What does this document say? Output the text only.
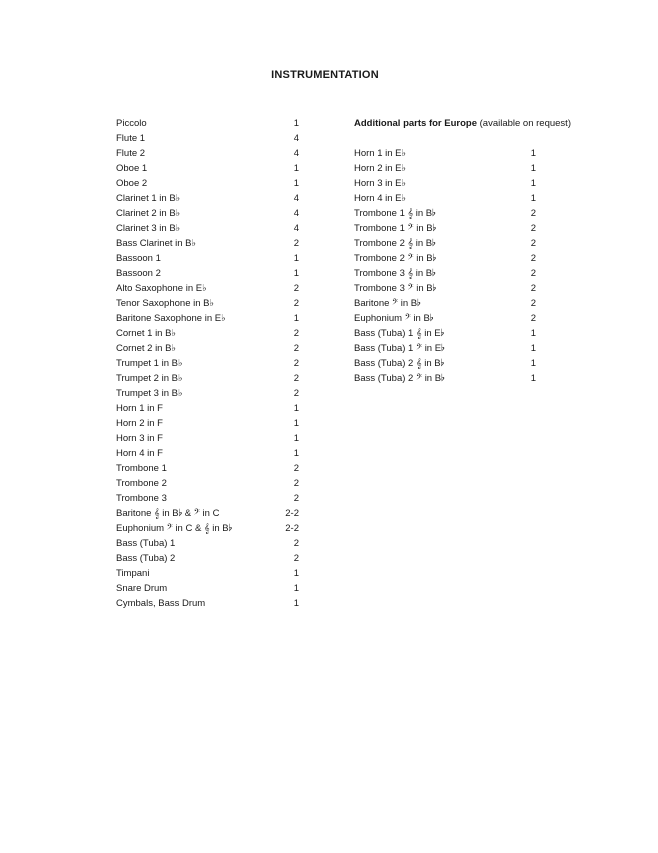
INSTRUMENTATION
Piccolo	1
Flute 1	4
Flute 2	4
Oboe 1	1
Oboe 2	1
Clarinet 1 in B♭	4
Clarinet 2 in B♭	4
Clarinet 3 in B♭	4
Bass Clarinet in B♭	2
Bassoon 1	1
Bassoon 2	1
Alto Saxophone in E♭	2
Tenor Saxophone in B♭	2
Baritone Saxophone in E♭	1
Cornet 1 in B♭	2
Cornet 2 in B♭	2
Trumpet 1 in B♭	2
Trumpet 2 in B♭	2
Trumpet 3 in B♭	2
Horn 1 in F	1
Horn 2 in F	1
Horn 3 in F	1
Horn 4 in F	1
Trombone 1	2
Trombone 2	2
Trombone 3	2
Baritone 𝄞 in B♭ & 𝄢 in C	2-2
Euphonium 𝄢 in C & 𝄞 in B♭	2-2
Bass (Tuba) 1	2
Bass (Tuba) 2	2
Timpani	1
Snare Drum	1
Cymbals, Bass Drum	1
Additional parts for Europe (available on request)
Horn 1 in E♭	1
Horn 2 in E♭	1
Horn 3 in E♭	1
Horn 4 in E♭	1
Trombone 1 𝄞 in B♭	2
Trombone 1 𝄢 in B♭	2
Trombone 2 𝄞 in B♭	2
Trombone 2 𝄢 in B♭	2
Trombone 3 𝄞 in B♭	2
Trombone 3 𝄢 in B♭	2
Baritone 𝄢 in B♭	2
Euphonium 𝄢 in B♭	2
Bass (Tuba) 1 𝄞 in E♭	1
Bass (Tuba) 1 𝄢 in E♭	1
Bass (Tuba) 2 𝄞 in B♭	1
Bass (Tuba) 2 𝄢 in B♭	1
